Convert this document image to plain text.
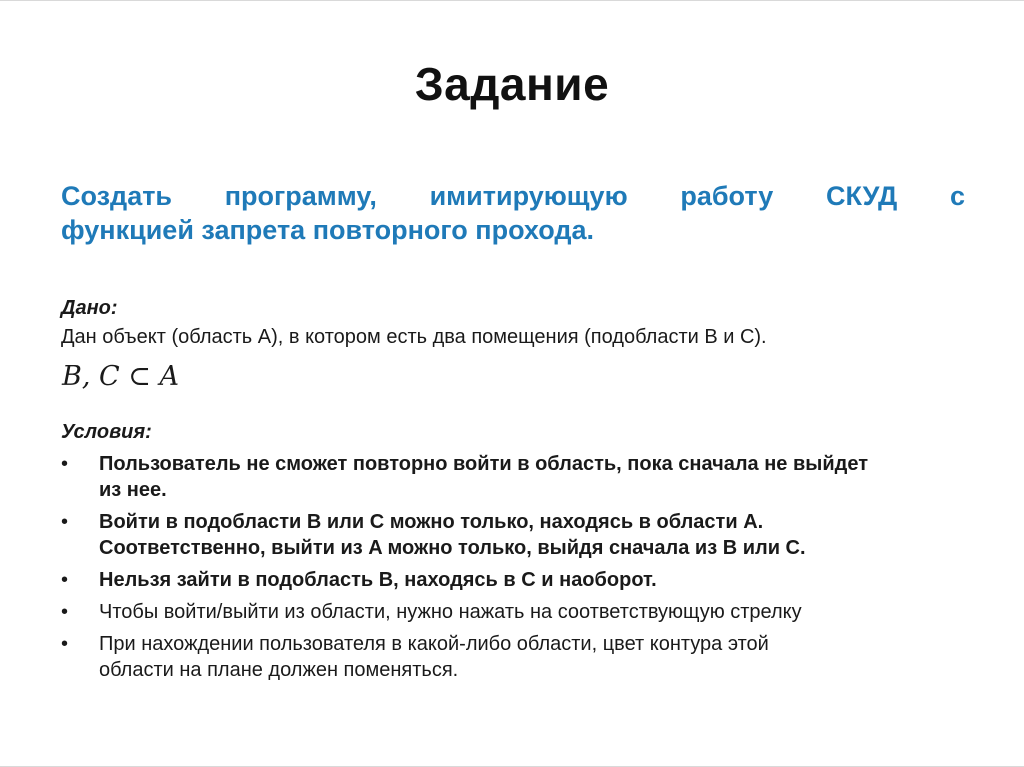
Задание
Создать программу, имитирующую работу СКУД с
функцией запрета повторного прохода.
Дано:
Дан объект (область A), в котором есть два помещения (подобласти B и C).
B, C ⊂ A
Условия:
• Пользователь не сможет повторно войти в область, пока сначала не выйдет
из нее.
• Войти в подобласти B или C можно только, находясь в области A.
Соответственно, выйти из A можно только, выйдя сначала из B или C.
• Нельзя зайти в подобласть B, находясь в C и наоборот.
• Чтобы войти/выйти из области, нужно нажать на соответствующую стрелку
• При нахождении пользователя в какой-либо области, цвет контура этой
области на плане должен поменяться.
